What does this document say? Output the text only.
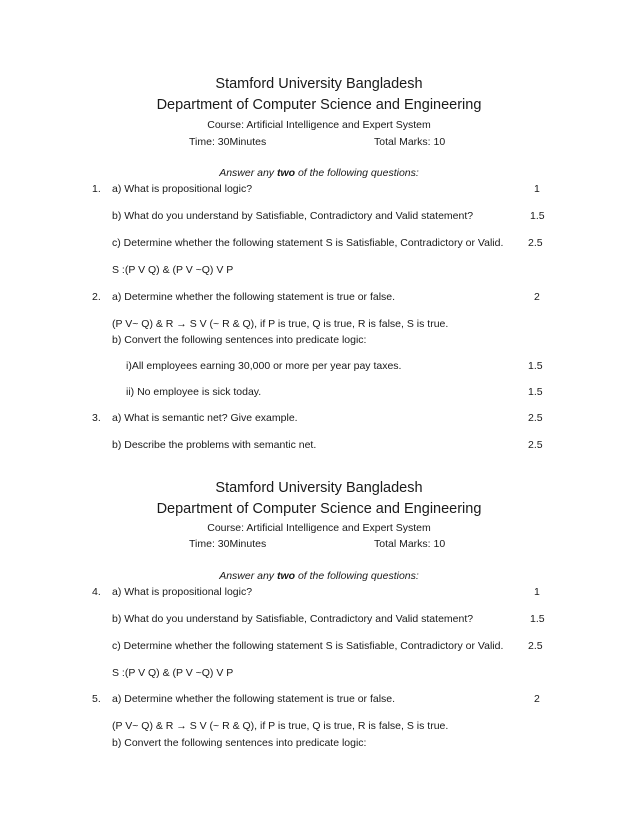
Stamford University Bangladesh
Department of Computer Science and Engineering
Course: Artificial Intelligence and Expert System
Time: 30Minutes	Total Marks: 10
Answer any two of the following questions:
1. a) What is propositional logic?	1
b) What do you understand by Satisfiable, Contradictory and Valid statement?	1.5
c) Determine whether the following statement S is Satisfiable, Contradictory or Valid. 2.5
S :(P V Q) & (P V ~Q) V P
2. a) Determine whether the following statement is true or false.	2
(P V~ Q) & R → S V (~ R & Q), if P is true, Q is true, R is false, S is true.
b) Convert the following sentences into predicate logic:
i)All employees earning 30,000 or more per year pay taxes.	1.5
ii) No employee is sick today.	1.5
3. a) What is semantic net? Give example.	2.5
b) Describe the problems with semantic net.	2.5
Stamford University Bangladesh
Department of Computer Science and Engineering
Course: Artificial Intelligence and Expert System
Time: 30Minutes	Total Marks: 10
Answer any two of the following questions:
4. a) What is propositional logic?	1
b) What do you understand by Satisfiable, Contradictory and Valid statement?	1.5
c) Determine whether the following statement S is Satisfiable, Contradictory or Valid. 2.5
S :(P V Q) & (P V ~Q) V P
5. a) Determine whether the following statement is true or false.	2
(P V~ Q) & R → S V (~ R & Q), if P is true, Q is true, R is false, S is true.
b) Convert the following sentences into predicate logic:
